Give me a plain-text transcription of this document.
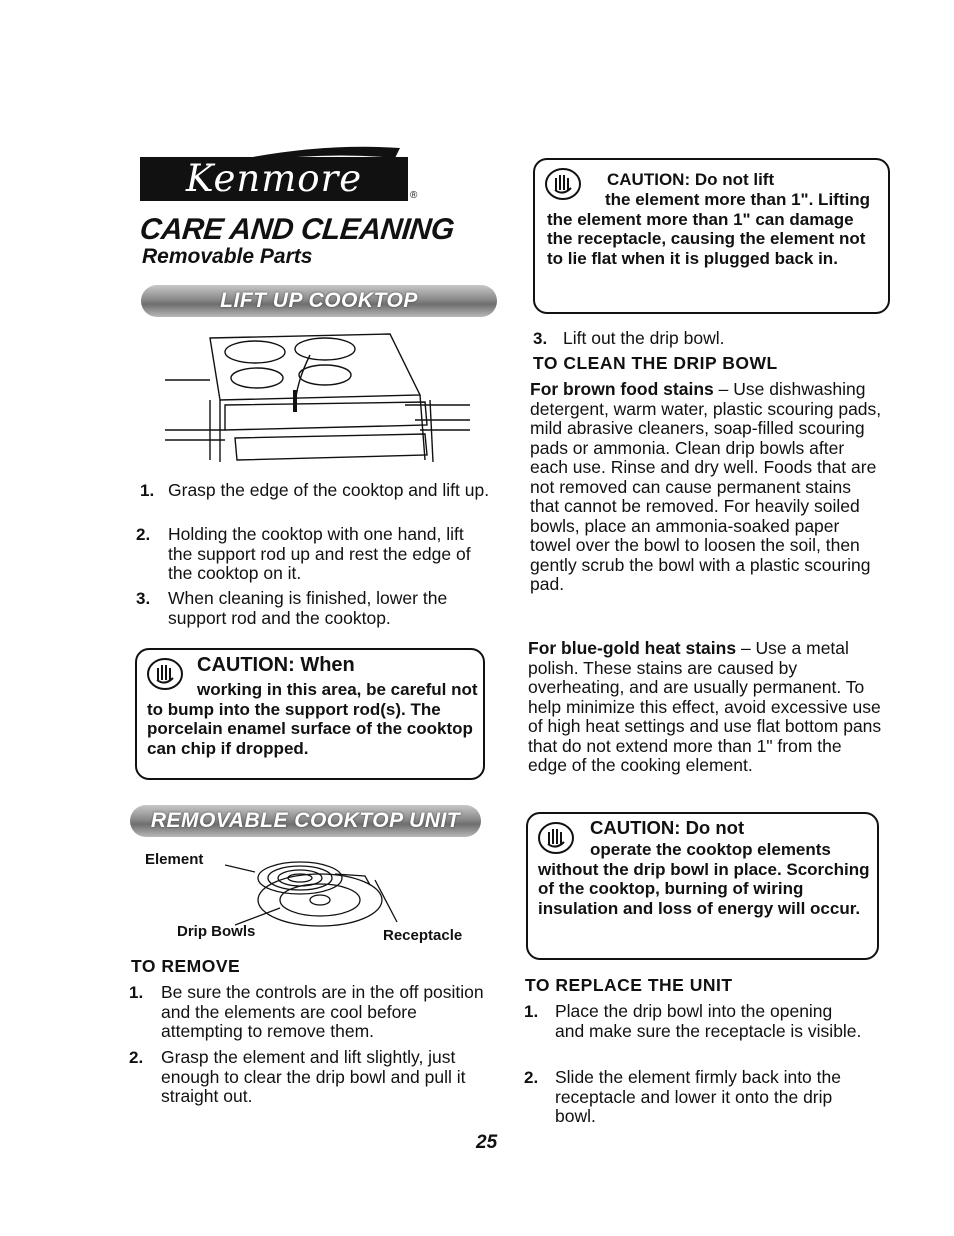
Kenmore	®
CARE AND CLEANING
Removable Parts
LIFT UP COOKTOP
1. Grasp the edge of the cooktop and lift up.
2. Holding the cooktop with one hand, lift the support rod up and rest the edge of the cooktop on it.
3. When cleaning is finished, lower the support rod and the cooktop.
CAUTION: When
working in this area, be careful not to bump into the support rod(s). The porcelain enamel surface of the cooktop can chip if dropped.
REMOVABLE COOKTOP UNIT
Element
Drip Bowls	Receptacle
TO REMOVE
1. Be sure the controls are in the off position and the elements are cool before attempting to remove them.
2. Grasp the element and lift slightly, just enough to clear the drip bowl and pull it straight out.
CAUTION: Do not lift
the element more than 1". Lifting the element more than 1" can damage the receptacle, causing the element not to lie flat when it is plugged back in.
3. Lift out the drip bowl.
TO CLEAN THE DRIP BOWL
For brown food stains – Use dishwashing detergent, warm water, plastic scouring pads, mild abrasive cleaners, soap-filled scouring pads or ammonia. Clean drip bowls after each use. Rinse and dry well. Foods that are not removed can cause permanent stains that cannot be removed. For heavily soiled bowls, place an ammonia-soaked paper towel over the bowl to loosen the soil, then gently scrub the bowl with a plastic scouring pad.
For blue-gold heat stains – Use a metal polish. These stains are caused by overheating, and are usually permanent. To help minimize this effect, avoid excessive use of high heat settings and use flat bottom pans that do not extend more than 1" from the edge of the cooking element.
CAUTION: Do not
operate the cooktop elements without the drip bowl in place. Scorching of the cooktop, burning of wiring insulation and loss of energy will occur.
TO REPLACE THE UNIT
1. Place the drip bowl into the opening and make sure the receptacle is visible.
2. Slide the element firmly back into the receptacle and lower it onto the drip bowl.
25
